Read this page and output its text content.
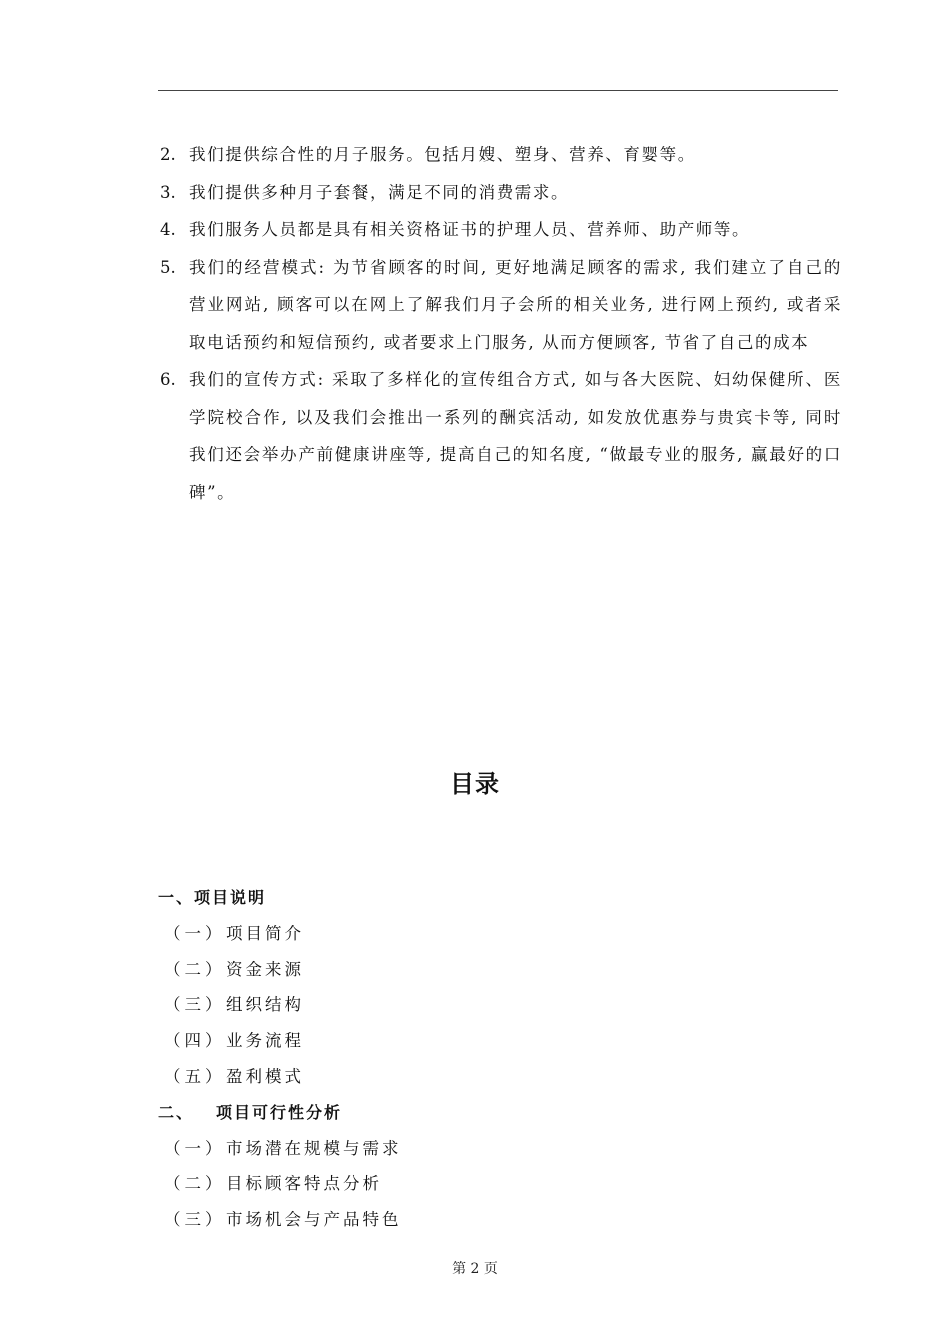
2. 我们提供综合性的月子服务。包括月嫂、塑身、营养、育婴等。
3. 我们提供多种月子套餐，满足不同的消费需求。
4. 我们服务人员都是具有相关资格证书的护理人员、营养师、助产师等。
5. 我们的经营模式: 为节省顾客的时间, 更好地满足顾客的需求, 我们建立了自己的营业网站, 顾客可以在网上了解我们月子会所的相关业务, 进行网上预约, 或者采取电话预约和短信预约, 或者要求上门服务, 从而方便顾客, 节省了自己的成本
6. 我们的宣传方式: 采取了多样化的宣传组合方式, 如与各大医院、妇幼保健所、医学院校合作, 以及我们会推出一系列的酬宾活动, 如发放优惠券与贵宾卡等, 同时我们还会举办产前健康讲座等, 提高自己的知名度, “做最专业的服务, 赢最好的口碑”。
目录
一、项目说明
（一）项目简介
（二）资金来源
（三）组织结构
（四）业务流程
（五）盈利模式
二、 项目可行性分析
（一）市场潜在规模与需求
（二）目标顾客特点分析
（三）市场机会与产品特色
第 2 页
